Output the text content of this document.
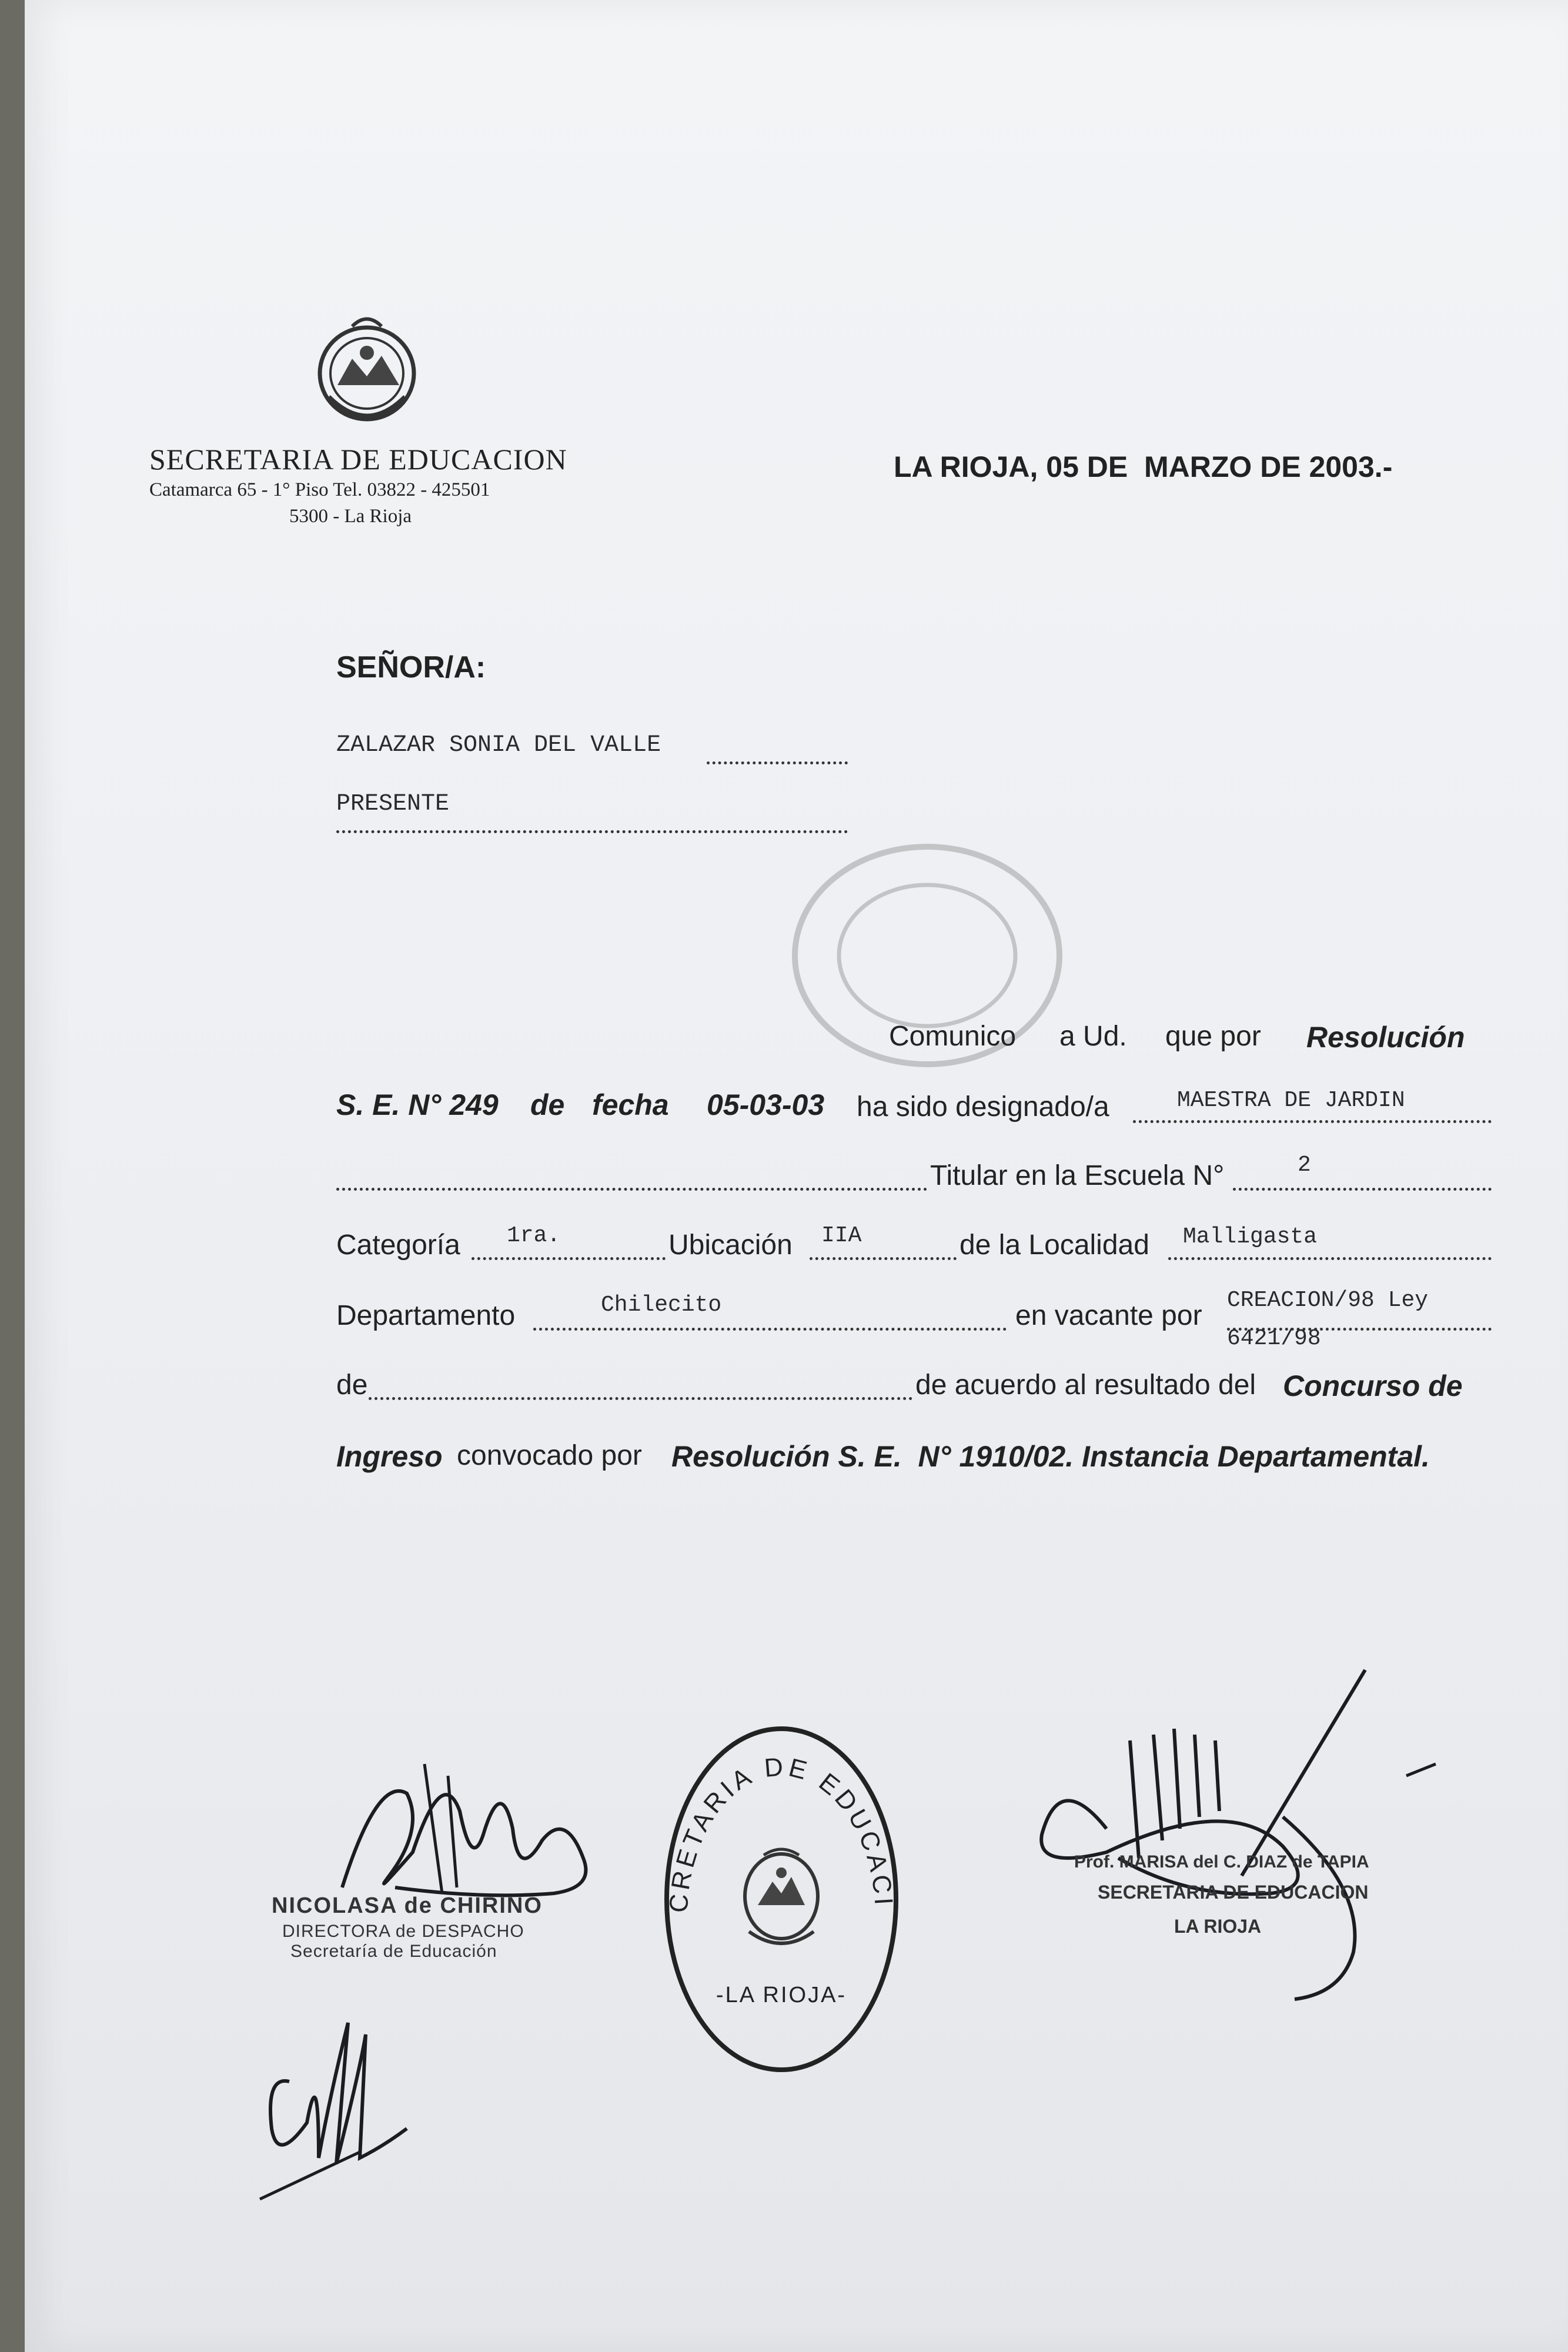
SECRETARIA DE EDUCACION
Catamarca 65 - 1° Piso Tel. 03822 - 425501
5300 - La Rioja
LA RIOJA, 05 DE  MARZO DE 2003.-
SEÑOR/A:
ZALAZAR SONIA DEL VALLE
PRESENTE
Comunico a Ud. que por Resolución
S. E. N° 249 de fecha 05-03-03 ha sido designado/a	MAESTRA DE JARDIN
Titular en la Escuela N°	2
Categoría 1ra.	Ubicación IIA	de la Localidad Malligasta
Departamento	Chilecito	en vacante por CREACION/98 Ley
6421/98
de	de acuerdo al resultado del Concurso de
Ingreso convocado por Resolución S. E.  N° 1910/02. Instancia Departamental.
NICOLASA de CHIRINO
DIRECTORA de DESPACHO
Secretaría de Educación
SECRETARIA DE EDUCACION
-LA RIOJA-
Prof. MARISA del C. DIAZ de TAPIA
SECRETARIA DE EDUCACION
LA RIOJA
